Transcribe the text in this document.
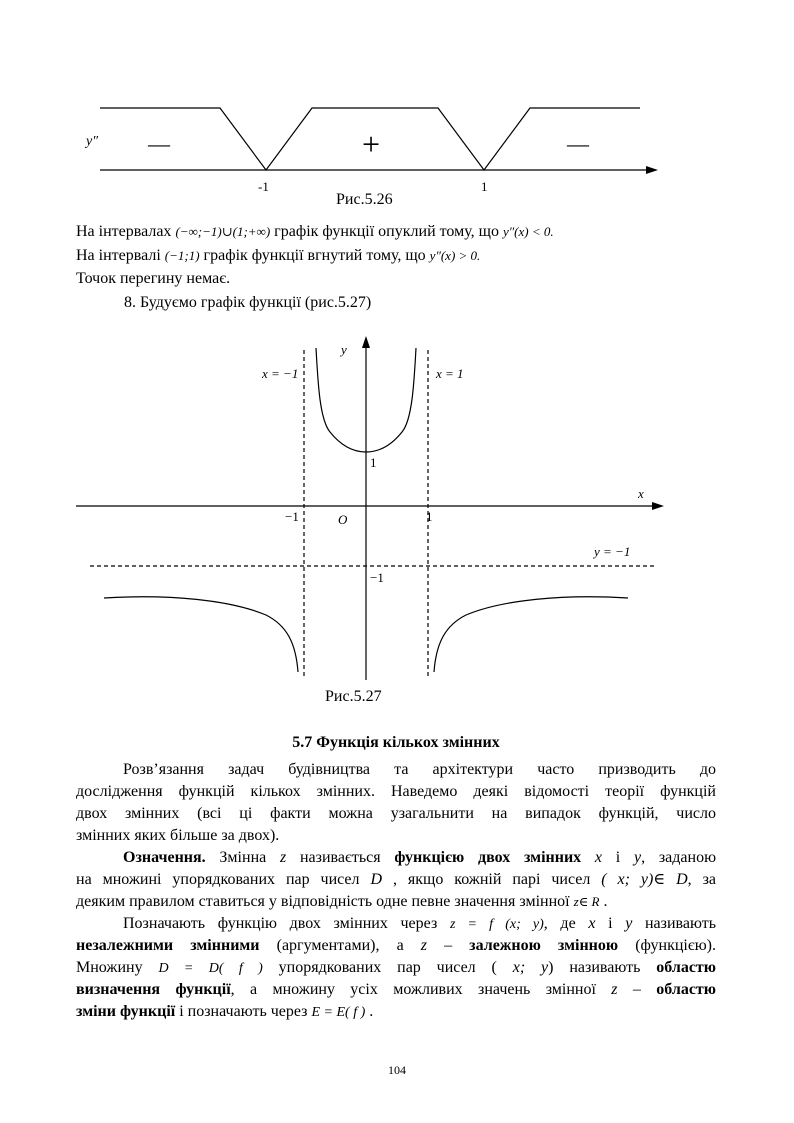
y″ —	+	—
-1	1
Рис.5.26
На інтервалах (−∞;−1)∪(1;+∞) графік функції опуклий тому, що y″(x) < 0.
На інтервалі (−1;1) графік функції вгнутий тому, що y″(x) > 0.
Точок перегину немає.
8. Будуємо графік функції (рис.5.27)
y
x
x = −1	x = 1
y = −1
O
−1	1
1
−1
Рис.5.27
5.7 Функція кількох змінних
Розв’язання задач будівництва та архітектури часто призводить до
дослідження функцій кількох змінних. Наведемо деякі відомості теорії функцій
двох змінних (всі ці факти можна узагальнити на випадок функцій, число
змінних яких більше за двох).
Означення. Змінна z називається функцією двох змінних x і y, заданою
на множині упорядкованих пар чисел D , якщо кожній парі чисел ( x; y)∈ D, за
деяким правилом ставиться у відповідність одне певне значення змінної z∈ R .
Позначають функцію двох змінних через z = f (x; y), де x і y називають
незалежними змінними (аргументами), а z – залежною змінною (функцією).
Множину D = D( f ) упорядкованих пар чисел ( x; y) називають областю
визначення функції, а множину усіх можливих значень змінної z – областю
зміни функції і позначають через E = E( f ) .
104
